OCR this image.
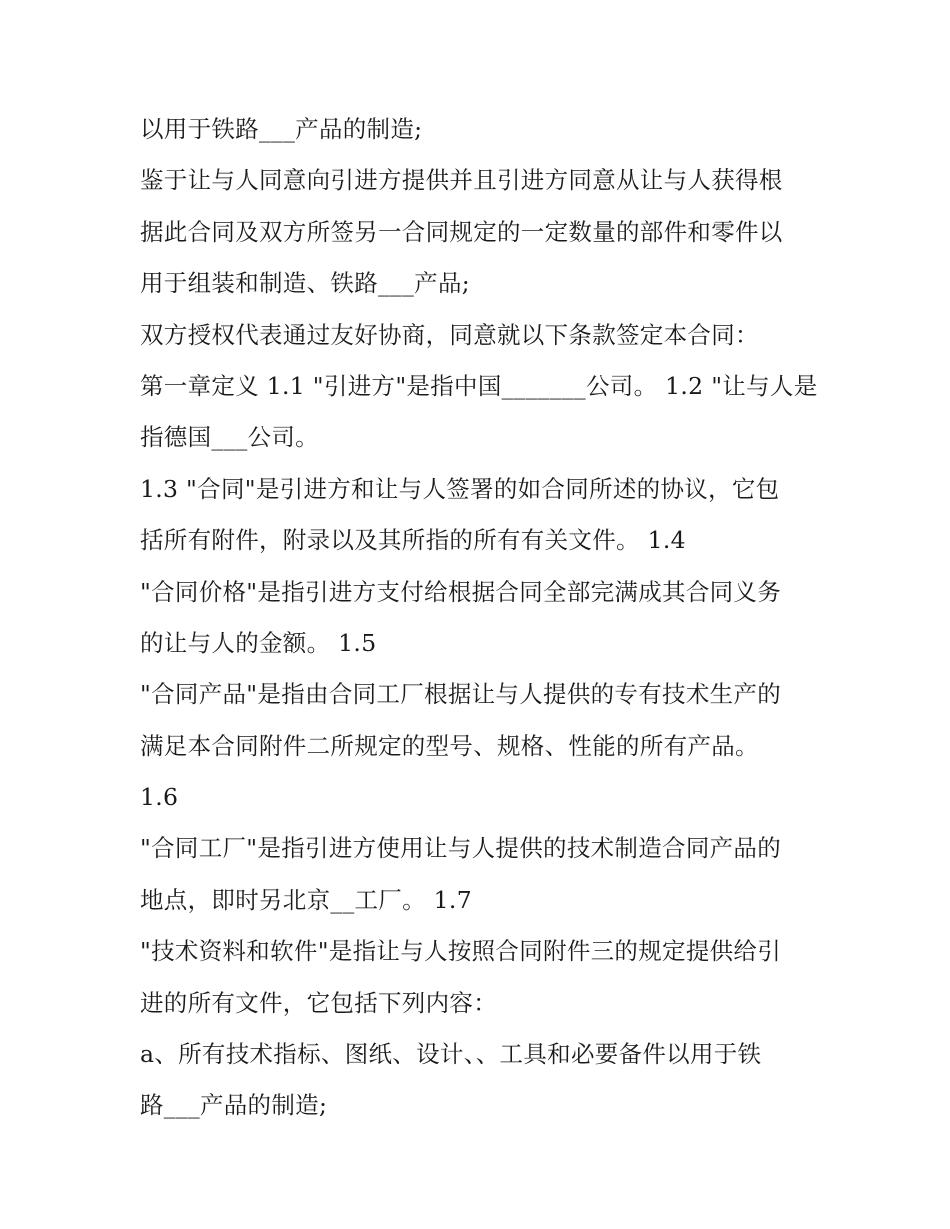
以用于铁路___产品的制造;
鉴于让与人同意向引进方提供并且引进方同意从让与人获得根
据此合同及双方所签另一合同规定的一定数量的部件和零件以
用于组装和制造、铁路___产品;
双方授权代表通过友好协商，同意就以下条款签定本合同：
第一章定义 1.1 "引进方"是指中国_______公司。 1.2 "让与人是
指德国___公司。
1.3 "合同"是引进方和让与人签署的如合同所述的协议，它包
括所有附件，附录以及其所指的所有有关文件。 1.4
"合同价格"是指引进方支付给根据合同全部完满成其合同义务
的让与人的金额。 1.5
"合同产品"是指由合同工厂根据让与人提供的专有技术生产的
满足本合同附件二所规定的型号、规格、性能的所有产品。
1.6
"合同工厂"是指引进方使用让与人提供的技术制造合同产品的
地点，即时另北京__工厂。 1.7
"技术资料和软件"是指让与人按照合同附件三的规定提供给引
进的所有文件，它包括下列内容：
a、所有技术指标、图纸、设计、、工具和必要备件以用于铁
路___产品的制造;
